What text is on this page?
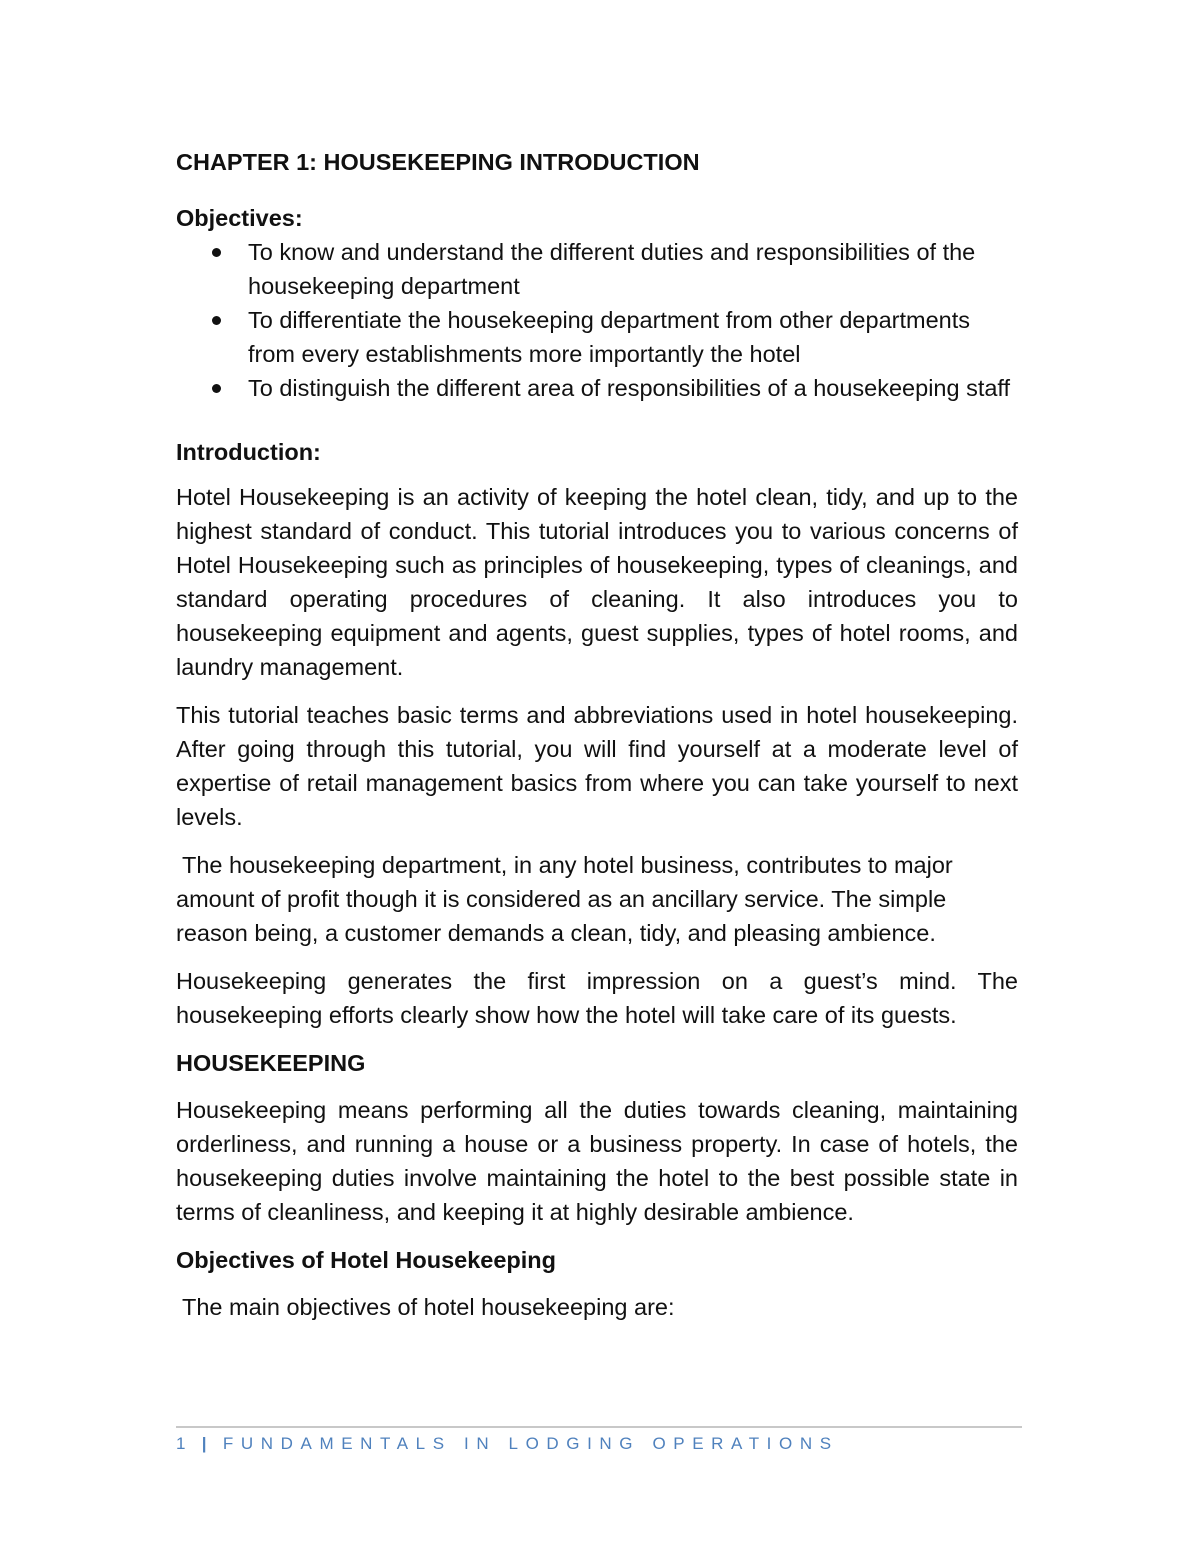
CHAPTER 1: HOUSEKEEPING INTRODUCTION

Objectives:

To know and understand the different duties and responsibilities of the housekeeping department
To differentiate the housekeeping department from other departments from every establishments more importantly the hotel
To distinguish the different area of responsibilities of a housekeeping staff

Introduction:

Hotel Housekeeping is an activity of keeping the hotel clean, tidy, and up to the highest standard of conduct. This tutorial introduces you to various concerns of Hotel Housekeeping such as principles of housekeeping, types of cleanings, and standard operating procedures of cleaning. It also introduces you to housekeeping equipment and agents, guest supplies, types of hotel rooms, and laundry management.

This tutorial teaches basic terms and abbreviations used in hotel housekeeping. After going through this tutorial, you will find yourself at a moderate level of expertise of retail management basics from where you can take yourself to next levels.

The housekeeping department, in any hotel business, contributes to major amount of profit though it is considered as an ancillary service. The simple reason being, a customer demands a clean, tidy, and pleasing ambience.

Housekeeping generates the first impression on a guest’s mind. The housekeeping efforts clearly show how the hotel will take care of its guests.

HOUSEKEEPING

Housekeeping means performing all the duties towards cleaning, maintaining orderliness, and running a house or a business property. In case of hotels, the housekeeping duties involve maintaining the hotel to the best possible state in terms of cleanliness, and keeping it at highly desirable ambience.

Objectives of Hotel Housekeeping

The main objectives of hotel housekeeping are:

1 | FUNDAMENTALS IN LODGING OPERATIONS
